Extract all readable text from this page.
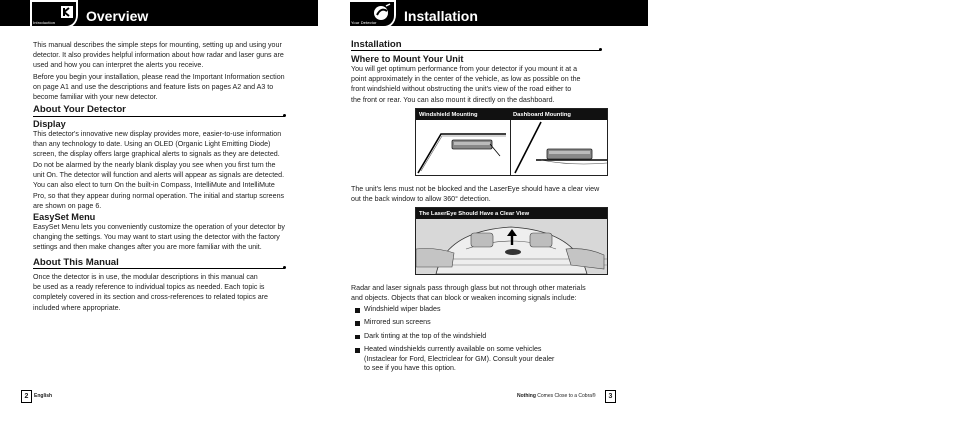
Introduction Overview
This manual describes the simple steps for mounting, setting up and using your
detector. It also provides helpful information about how radar and laser guns are
used and how you can interpret the alerts you receive.
Before you begin your installation, please read the Important Information section
on page A1 and use the descriptions and feature lists on pages A2 and A3 to
become familiar with your new detector.
About Your Detector
Display
This detector's innovative new display provides more, easier-to-use information
than any technology to date. Using an OLED (Organic Light Emitting Diode)
screen, the display offers large graphical alerts to signals as they are detected.
Do not be alarmed by the nearly blank display you see when you first turn the
unit On. The detector will function and alerts will appear as signals are detected.
You can also elect to turn On the built-in Compass, IntelliMute and IntelliMute
Pro, so that they appear during normal operation. The initial and startup screens
are shown on page 6.
EasySet Menu
EasySet Menu lets you conveniently customize the operation of your detector by
changing the settings. You may want to start using the detector with the factory
settings and then make changes after you are more familiar with the unit.
About This Manual
Once the detector is in use, the modular descriptions in this manual can
be used as a ready reference to individual topics as needed. Each topic is
completely covered in its section and cross-references to related topics are
included where appropriate.
2	English
Your Detector Installation
Installation
Where to Mount Your Unit
You will get optimum performance from your detector if you mount it at a
point approximately in the center of the vehicle, as low as possible on the
front windshield without obstructing the unit's view of the road either to
the front or rear. You can also mount it directly on the dashboard.
Windshield Mounting	Dashboard Mounting
The unit's lens must not be blocked and the LaserEye should have a clear view
out the back window to allow 360° detection.
The LaserEye Should Have a Clear View
Radar and laser signals pass through glass but not through other materials
and objects. Objects that can block or weaken incoming signals include:
Windshield wiper blades
Mirrored sun screens
Dark tinting at the top of the windshield
Heated windshields currently available on some vehicles
(Instaclear for Ford, Electriclear for GM). Consult your dealer
to see if you have this option.
Nothing Comes Close to a Cobra®	3
